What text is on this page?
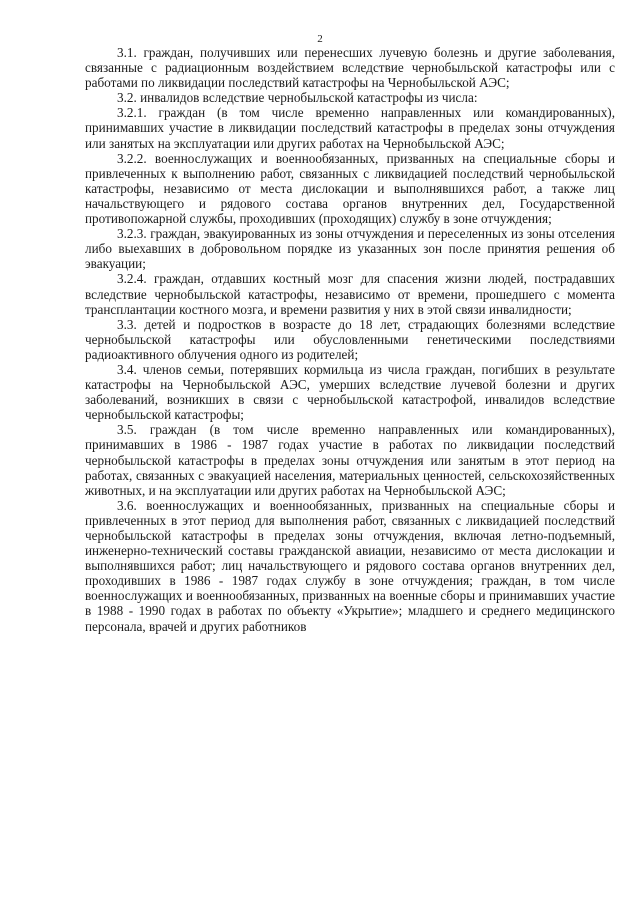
2

3.1. граждан, получивших или перенесших лучевую болезнь и другие заболевания, связанные с радиационным воздействием вследствие чернобыльской катастрофы или с работами по ликвидации последствий катастрофы на Чернобыльской АЭС;

3.2. инвалидов вследствие чернобыльской катастрофы из числа:

3.2.1. граждан (в том числе временно направленных или командированных), принимавших участие в ликвидации последствий катастрофы в пределах зоны отчуждения или занятых на эксплуатации или других работах на Чернобыльской АЭС;

3.2.2. военнослужащих и военнообязанных, призванных на специальные сборы и привлеченных к выполнению работ, связанных с ликвидацией последствий чернобыльской катастрофы, независимо от места дислокации и выполнявшихся работ, а также лиц начальствующего и рядового состава органов внутренних дел, Государственной противопожарной службы, проходивших (проходящих) службу в зоне отчуждения;

3.2.3. граждан, эвакуированных из зоны отчуждения и переселенных из зоны отселения либо выехавших в добровольном порядке из указанных зон после принятия решения об эвакуации;

3.2.4. граждан, отдавших костный мозг для спасения жизни людей, пострадавших вследствие чернобыльской катастрофы, независимо от времени, прошедшего с момента трансплантации костного мозга, и времени развития у них в этой связи инвалидности;

3.3. детей и подростков в возрасте до 18 лет, страдающих болезнями вследствие чернобыльской катастрофы или обусловленными генетическими последствиями радиоактивного облучения одного из родителей;

3.4. членов семьи, потерявших кормильца из числа граждан, погибших в результате катастрофы на Чернобыльской АЭС, умерших вследствие лучевой болезни и других заболеваний, возникших в связи с чернобыльской катастрофой, инвалидов вследствие чернобыльской катастрофы;

3.5. граждан (в том числе временно направленных или командированных), принимавших в 1986 - 1987 годах участие в работах по ликвидации последствий чернобыльской катастрофы в пределах зоны отчуждения или занятым в этот период на работах, связанных с эвакуацией населения, материальных ценностей, сельскохозяйственных животных, и на эксплуатации или других работах на Чернобыльской АЭС;

3.6. военнослужащих и военнообязанных, призванных на специальные сборы и привлеченных в этот период для выполнения работ, связанных с ликвидацией последствий чернобыльской катастрофы в пределах зоны отчуждения, включая летно-подъемный, инженерно-технический составы гражданской авиации, независимо от места дислокации и выполнявшихся работ; лиц начальствующего и рядового состава органов внутренних дел, проходивших в 1986 - 1987 годах службу в зоне отчуждения; граждан, в том числе военнослужащих и военнообязанных, призванных на военные сборы и принимавших участие в 1988 - 1990 годах в работах по объекту «Укрытие»; младшего и среднего медицинского персонала, врачей и других работников
